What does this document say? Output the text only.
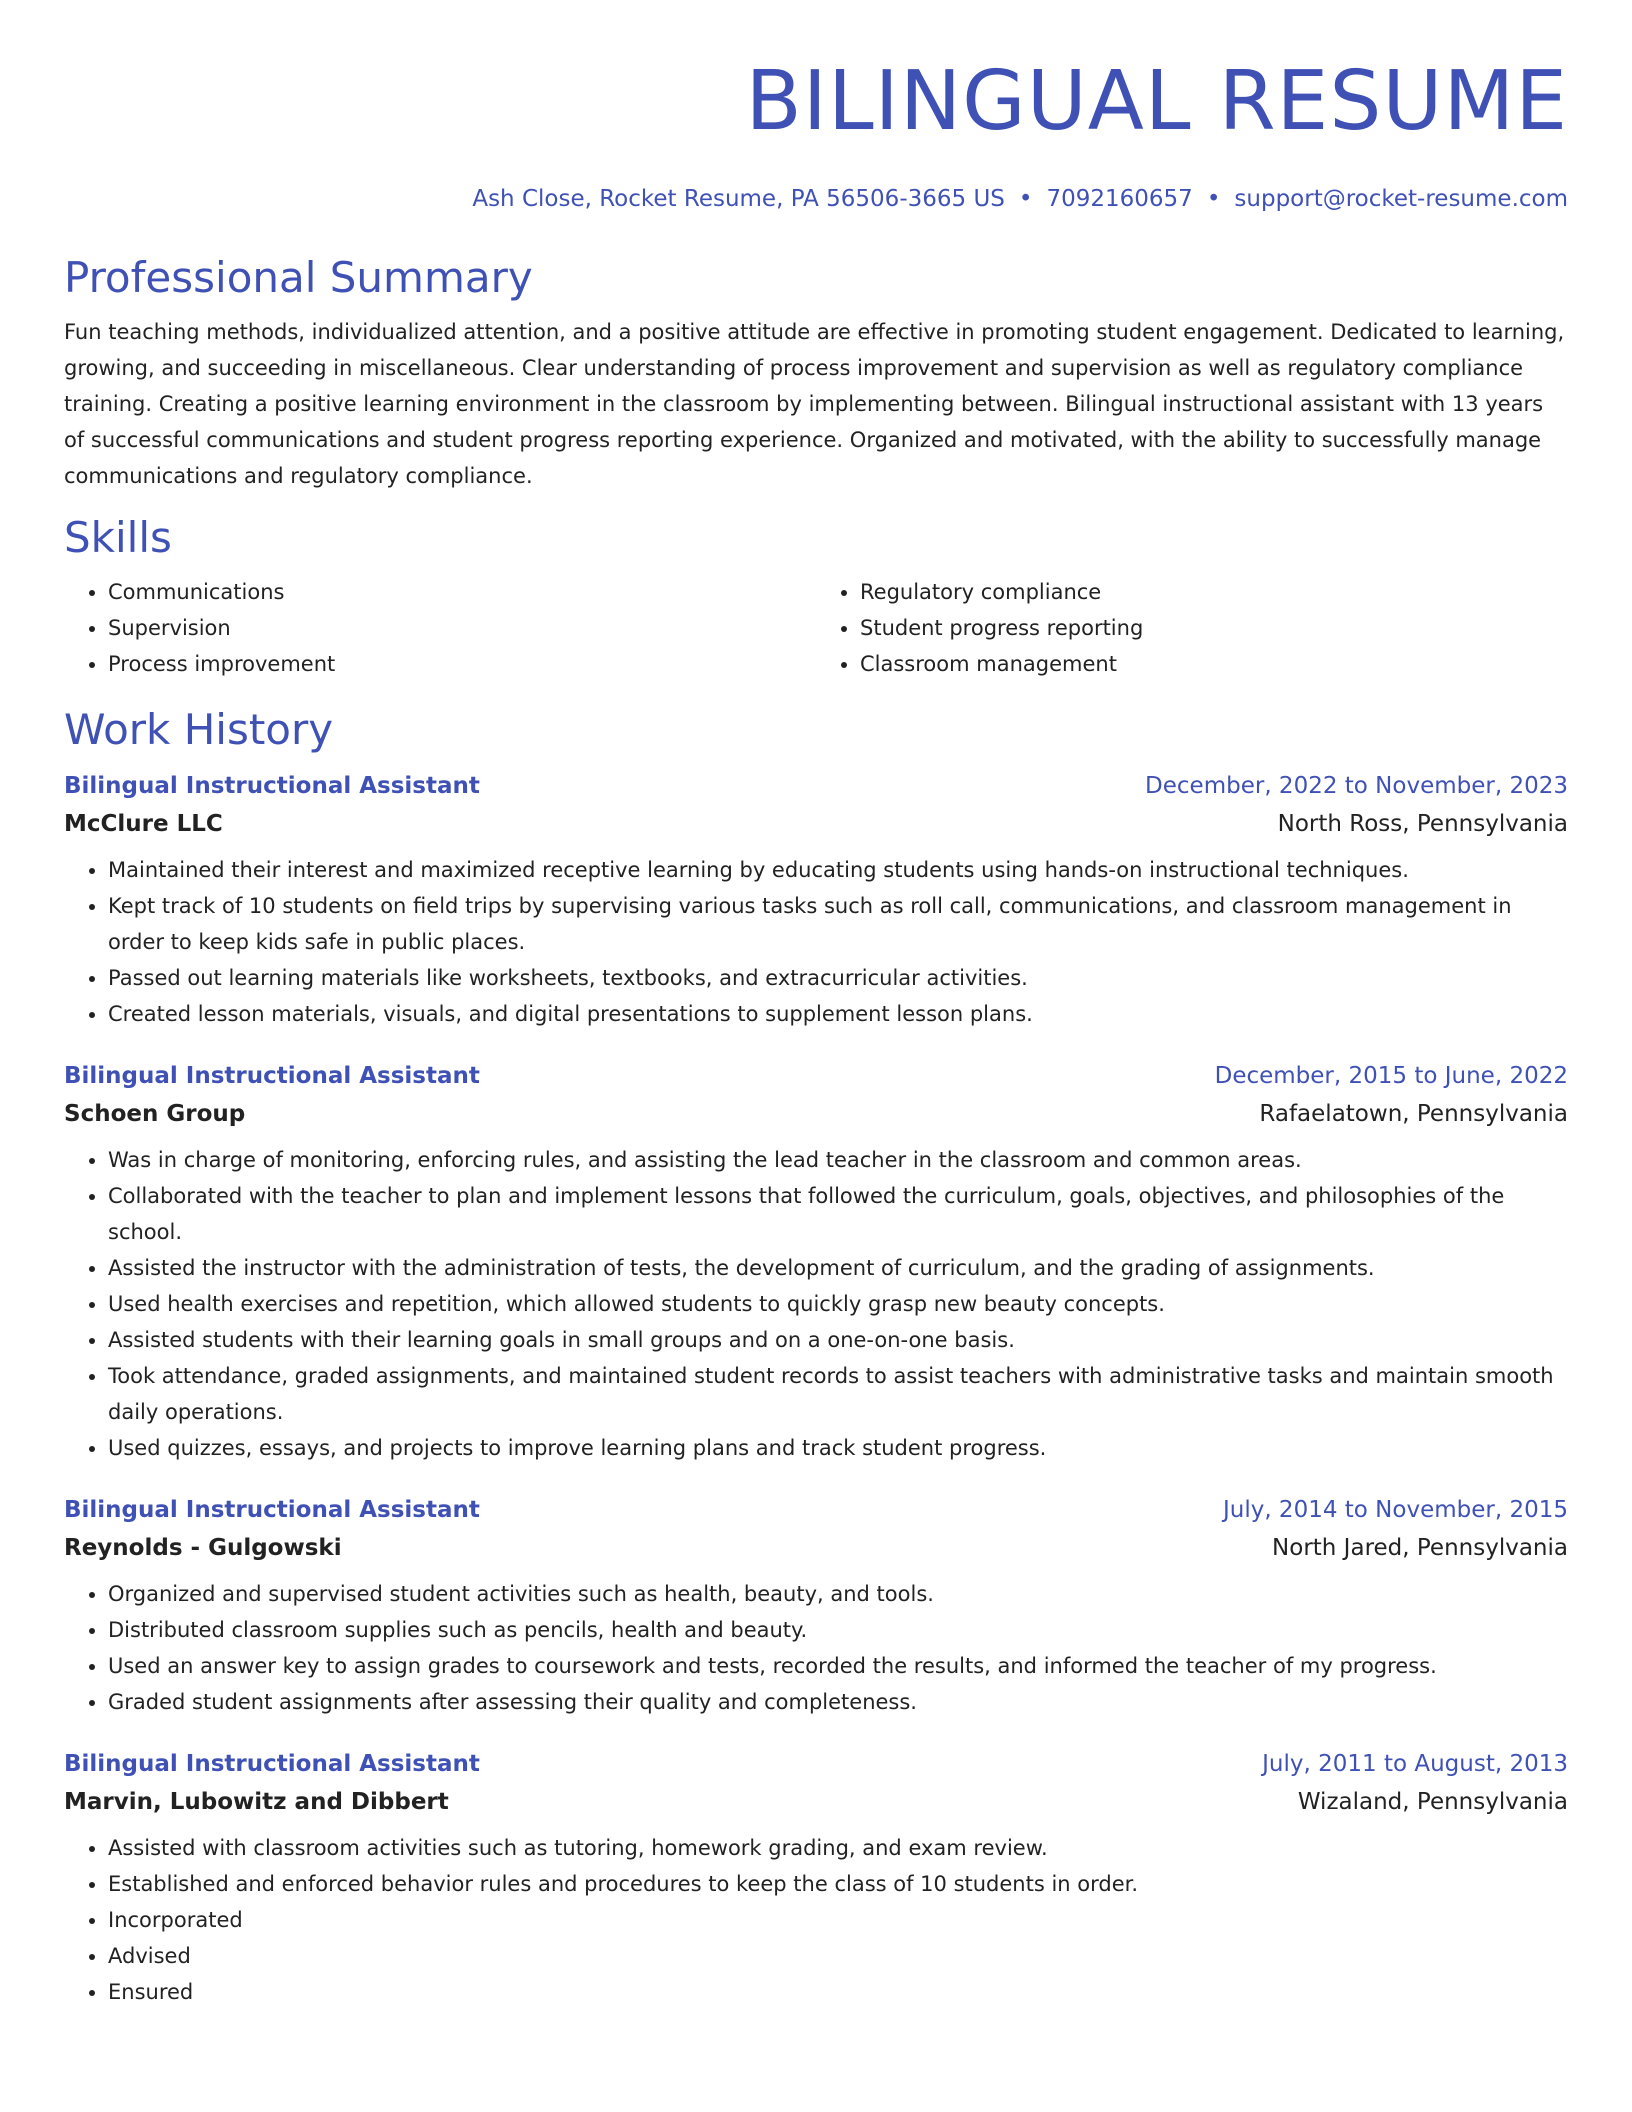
BILINGUAL RESUME
Ash Close, Rocket Resume, PA 56506-3665 US • 7092160657 • support@rocket-resume.com
Professional Summary

Fun teaching methods, individualized attention, and a positive attitude are effective in promoting student engagement. Dedicated to learning, growing, and succeeding in miscellaneous. Clear understanding of process improvement and supervision as well as regulatory compliance training. Creating a positive learning environment in the classroom by implementing between. Bilingual instructional assistant with 13 years of successful communications and student progress reporting experience. Organized and motivated, with the ability to successfully manage communications and regulatory compliance.

Skills
• Communications
• Supervision
• Process improvement
• Regulatory compliance
• Student progress reporting
• Classroom management
Work History
Bilingual Instructional Assistant	December, 2022 to November, 2023
McClure LLC	North Ross, Pennsylvania
• Maintained their interest and maximized receptive learning by educating students using hands-on instructional techniques.
• Kept track of 10 students on field trips by supervising various tasks such as roll call, communications, and classroom management in order to keep kids safe in public places.
• Passed out learning materials like worksheets, textbooks, and extracurricular activities.
• Created lesson materials, visuals, and digital presentations to supplement lesson plans.
Bilingual Instructional Assistant	December, 2015 to June, 2022
Schoen Group	Rafaelatown, Pennsylvania
• Was in charge of monitoring, enforcing rules, and assisting the lead teacher in the classroom and common areas.
• Collaborated with the teacher to plan and implement lessons that followed the curriculum, goals, objectives, and philosophies of the school.
• Assisted the instructor with the administration of tests, the development of curriculum, and the grading of assignments.
• Used health exercises and repetition, which allowed students to quickly grasp new beauty concepts.
• Assisted students with their learning goals in small groups and on a one-on-one basis.
• Took attendance, graded assignments, and maintained student records to assist teachers with administrative tasks and maintain smooth daily operations.
• Used quizzes, essays, and projects to improve learning plans and track student progress.
Bilingual Instructional Assistant	July, 2014 to November, 2015
Reynolds - Gulgowski	North Jared, Pennsylvania
• Organized and supervised student activities such as health, beauty, and tools.
• Distributed classroom supplies such as pencils, health and beauty.
• Used an answer key to assign grades to coursework and tests, recorded the results, and informed the teacher of my progress.
• Graded student assignments after assessing their quality and completeness.
Bilingual Instructional Assistant	July, 2011 to August, 2013
Marvin, Lubowitz and Dibbert	Wizaland, Pennsylvania
• Assisted with classroom activities such as tutoring, homework grading, and exam review.
• Established and enforced behavior rules and procedures to keep the class of 10 students in order.
• Incorporated
• Advised
• Ensured
